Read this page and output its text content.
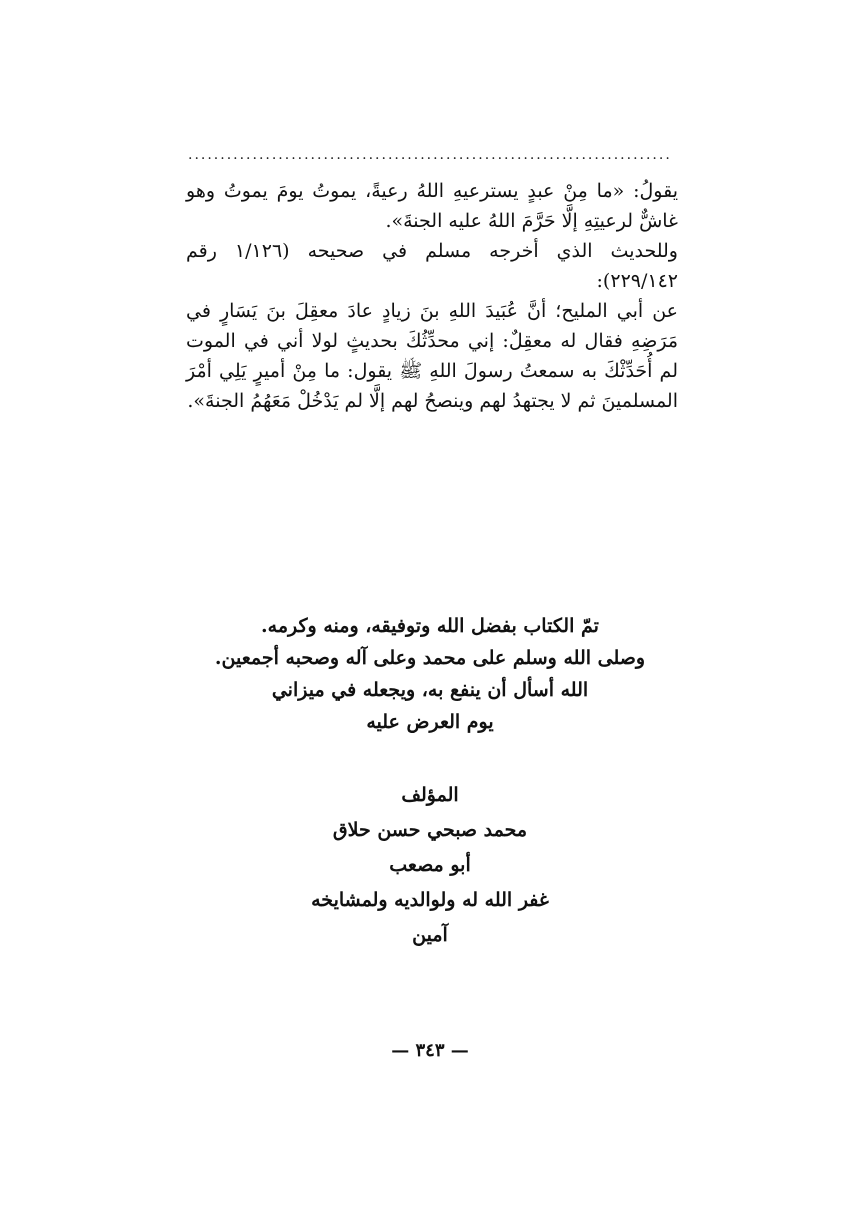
...........................................................................

يقولُ: «ما مِنْ عبدٍ يسترعيهِ اللهُ رعيةً، يموتُ يومَ يموتُ وهو غاشٌّ لرعيتِهِ إلَّا حَرَّمَ اللهُ عليه الجنةَ».

وللحديث الذي أخرجه مسلم في صحيحه (١/١٢٦ رقم ٢٢٩/١٤٢):

عن أبي المليح؛ أنَّ عُبَيدَ اللهِ بنَ زيادٍ عادَ معقِلَ بنَ يَسَارٍ في مَرَضِهِ فقال له معقِلٌ: إني محدِّثُكَ بحديثٍ لولا أني في الموت لم أُحَدِّثْكَ به سمعتُ رسولَ اللهِ ﷺ يقول: ما مِنْ أميرٍ يَلِي أمْرَ المسلمينَ ثم لا يجتهدُ لهم وينصحُ لهم إلَّا لم يَدْخُلْ مَعَهُمُ الجنةَ».

تمّ الكتاب بفضل الله وتوفيقه، ومنه وكرمه.

وصلى الله وسلم على محمد وعلى آله وصحبه أجمعين.

الله أسأل أن ينفع به، ويجعله في ميزاني

يوم العرض عليه

المؤلف

محمد صبحي حسن حلاق

أبو مصعب

غفر الله له ولوالديه ولمشايخه

آمين

— ٣٤٣ —
